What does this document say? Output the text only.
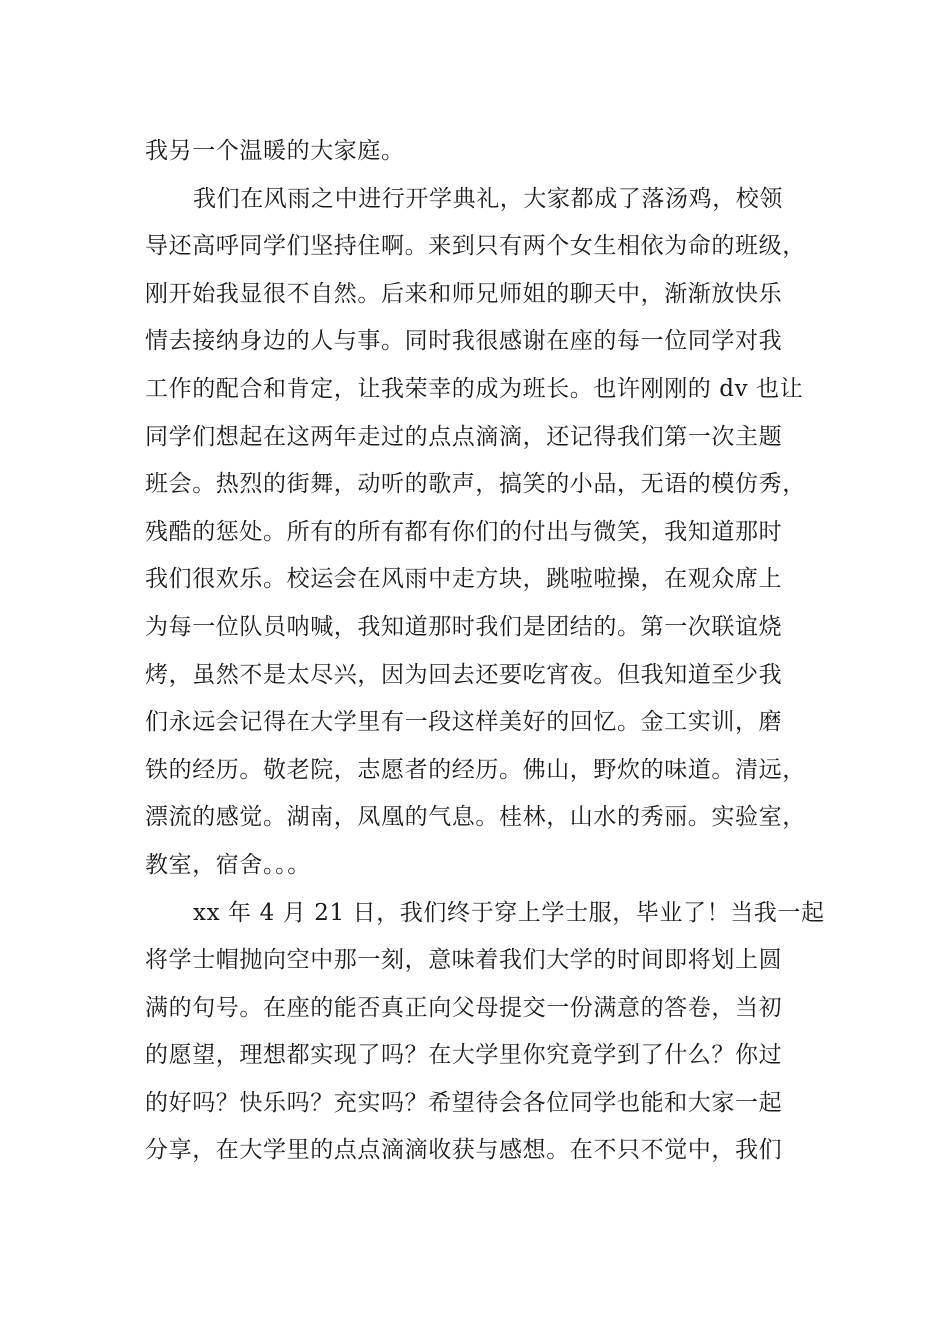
我另一个温暖的大家庭。
我们在风雨之中进行开学典礼，大家都成了落汤鸡，校领
导还高呼同学们坚持住啊。来到只有两个女生相依为命的班级，
刚开始我显很不自然。后来和师兄师姐的聊天中，渐渐放快乐
情去接纳身边的人与事。同时我很感谢在座的每一位同学对我
工作的配合和肯定，让我荣幸的成为班长。也许刚刚的 dv 也让
同学们想起在这两年走过的点点滴滴，还记得我们第一次主题
班会。热烈的街舞，动听的歌声，搞笑的小品，无语的模仿秀，
残酷的惩处。所有的所有都有你们的付出与微笑，我知道那时
我们很欢乐。校运会在风雨中走方块，跳啦啦操，在观众席上
为每一位队员呐喊，我知道那时我们是团结的。第一次联谊烧
烤，虽然不是太尽兴，因为回去还要吃宵夜。但我知道至少我
们永远会记得在大学里有一段这样美好的回忆。金工实训，磨
铁的经历。敬老院，志愿者的经历。佛山，野炊的味道。清远，
漂流的感觉。湖南，凤凰的气息。桂林，山水的秀丽。实验室，
教室，宿舍。。。
xx 年 4 月 21 日，我们终于穿上学士服，毕业了！当我一起
将学士帽抛向空中那一刻，意味着我们大学的时间即将划上圆
满的句号。在座的能否真正向父母提交一份满意的答卷，当初
的愿望，理想都实现了吗？在大学里你究竟学到了什么？你过
的好吗？快乐吗？充实吗？希望待会各位同学也能和大家一起
分享，在大学里的点点滴滴收获与感想。在不只不觉中，我们
